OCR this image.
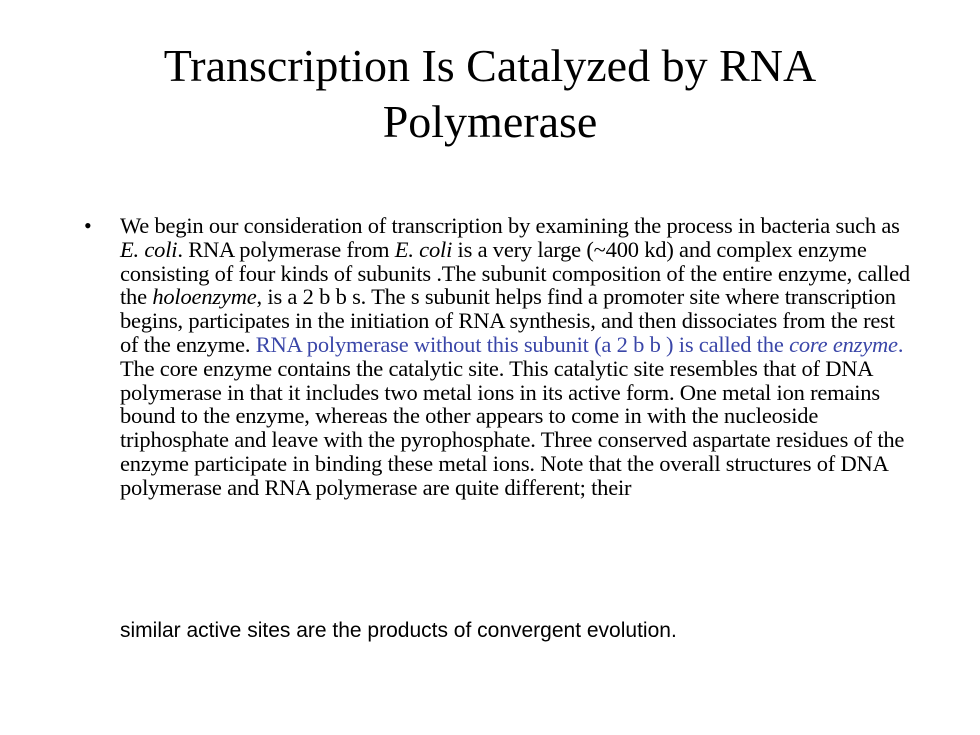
Transcription Is Catalyzed by RNA Polymerase
• We begin our consideration of transcription by examining the process in bacteria such as E. coli. RNA polymerase from E. coli is a very large (~400 kd) and complex enzyme consisting of four kinds of subunits .The subunit composition of the entire enzyme, called the holoenzyme, is a 2 b b s. The s subunit helps find a promoter site where transcription begins, participates in the initiation of RNA synthesis, and then dissociates from the rest of the enzyme. RNA polymerase without this subunit (a 2 b b ) is called the core enzyme. The core enzyme contains the catalytic site. This catalytic site resembles that of DNA polymerase in that it includes two metal ions in its active form. One metal ion remains bound to the enzyme, whereas the other appears to come in with the nucleoside triphosphate and leave with the pyrophosphate. Three conserved aspartate residues of the enzyme participate in binding these metal ions. Note that the overall structures of DNA polymerase and RNA polymerase are quite different; their
similar active sites are the products of convergent evolution.
